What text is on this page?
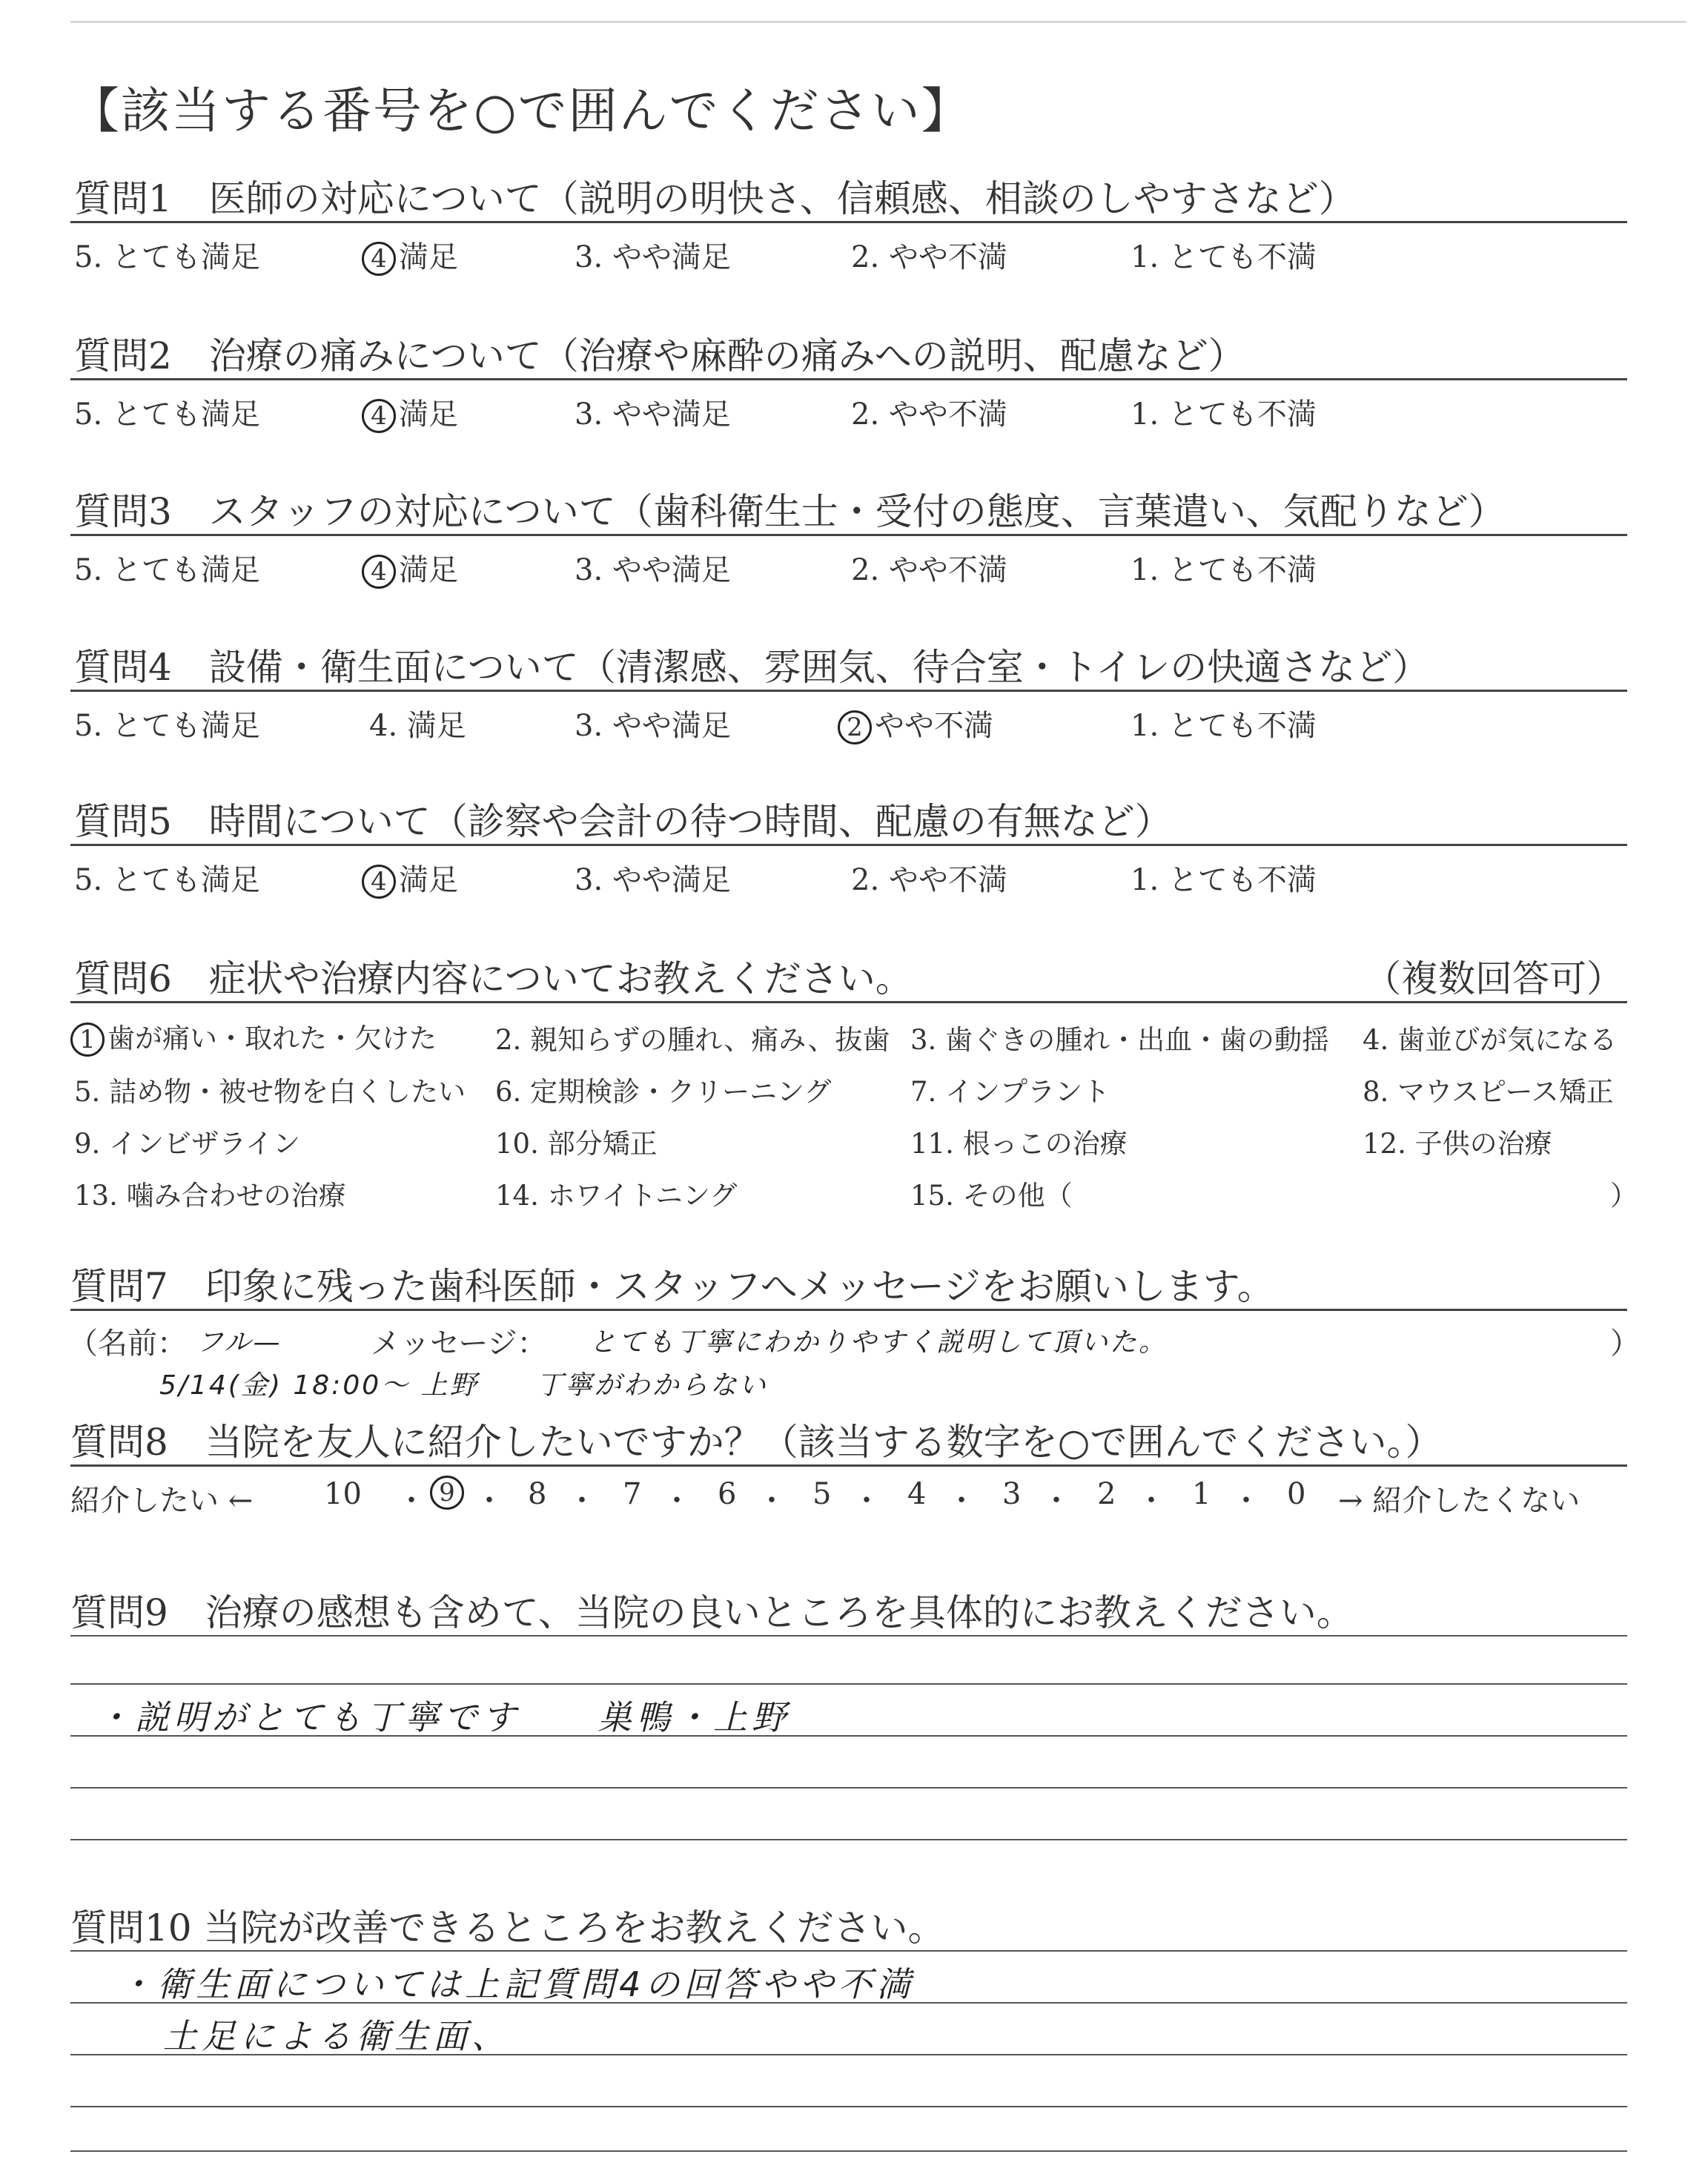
【該当する番号を○で囲んでください】
質問1　医師の対応について（説明の明快さ、信頼感、相談のしやすさなど）
5. とても満足	4 満足	3. やや満足	2. やや不満	1. とても不満
質問2　治療の痛みについて（治療や麻酔の痛みへの説明、配慮など）
5. とても満足	4 満足	3. やや満足	2. やや不満	1. とても不満
質問3　スタッフの対応について（歯科衛生士・受付の態度、言葉遣い、気配りなど）
5. とても満足	4 満足	3. やや満足	2. やや不満	1. とても不満
質問4　設備・衛生面について（清潔感、雰囲気、待合室・トイレの快適さなど）
5. とても満足	4. 満足	3. やや満足	2 やや不満	1. とても不満
質問5　時間について（診察や会計の待つ時間、配慮の有無など）
5. とても満足	4 満足	3. やや満足	2. やや不満	1. とても不満
質問6　症状や治療内容についてお教えください。	（複数回答可）
1 歯が痛い・取れた・欠けた 2. 親知らずの腫れ、痛み、抜歯 3. 歯ぐきの腫れ・出血・歯の動揺 4. 歯並びが気になる
5. 詰め物・被せ物を白くしたい 6. 定期検診・クリーニング	7. インプラント	8. マウスピース矯正
9. インビザライン	10. 部分矯正	11. 根っこの治療	12. 子供の治療
13. 噛み合わせの治療	14. ホワイトニング	15. その他（	）
質問7　印象に残った歯科医師・スタッフへメッセージをお願いします。
（名前： フル—	メッセージ： とても丁寧にわかりやすく説明して頂いた。	）
5/14(金) 18:00～ 上野　　丁寧がわからない
質問8　当院を友人に紹介したいですか？（該当する数字を○で囲んでください。）
紹介したい ← 10 ・ 9 ・ 8 ・ 7 ・ 6 ・ 5 ・ 4 ・ 3 ・ 2 ・ 1 ・ 0 → 紹介したくない
質問9　治療の感想も含めて、当院の良いところを具体的にお教えください。
・説明がとても丁寧です　　巣鴨・上野
質問10 当院が改善できるところをお教えください。
・衛生面については上記質問4の回答やや不満
土足による衛生面、
